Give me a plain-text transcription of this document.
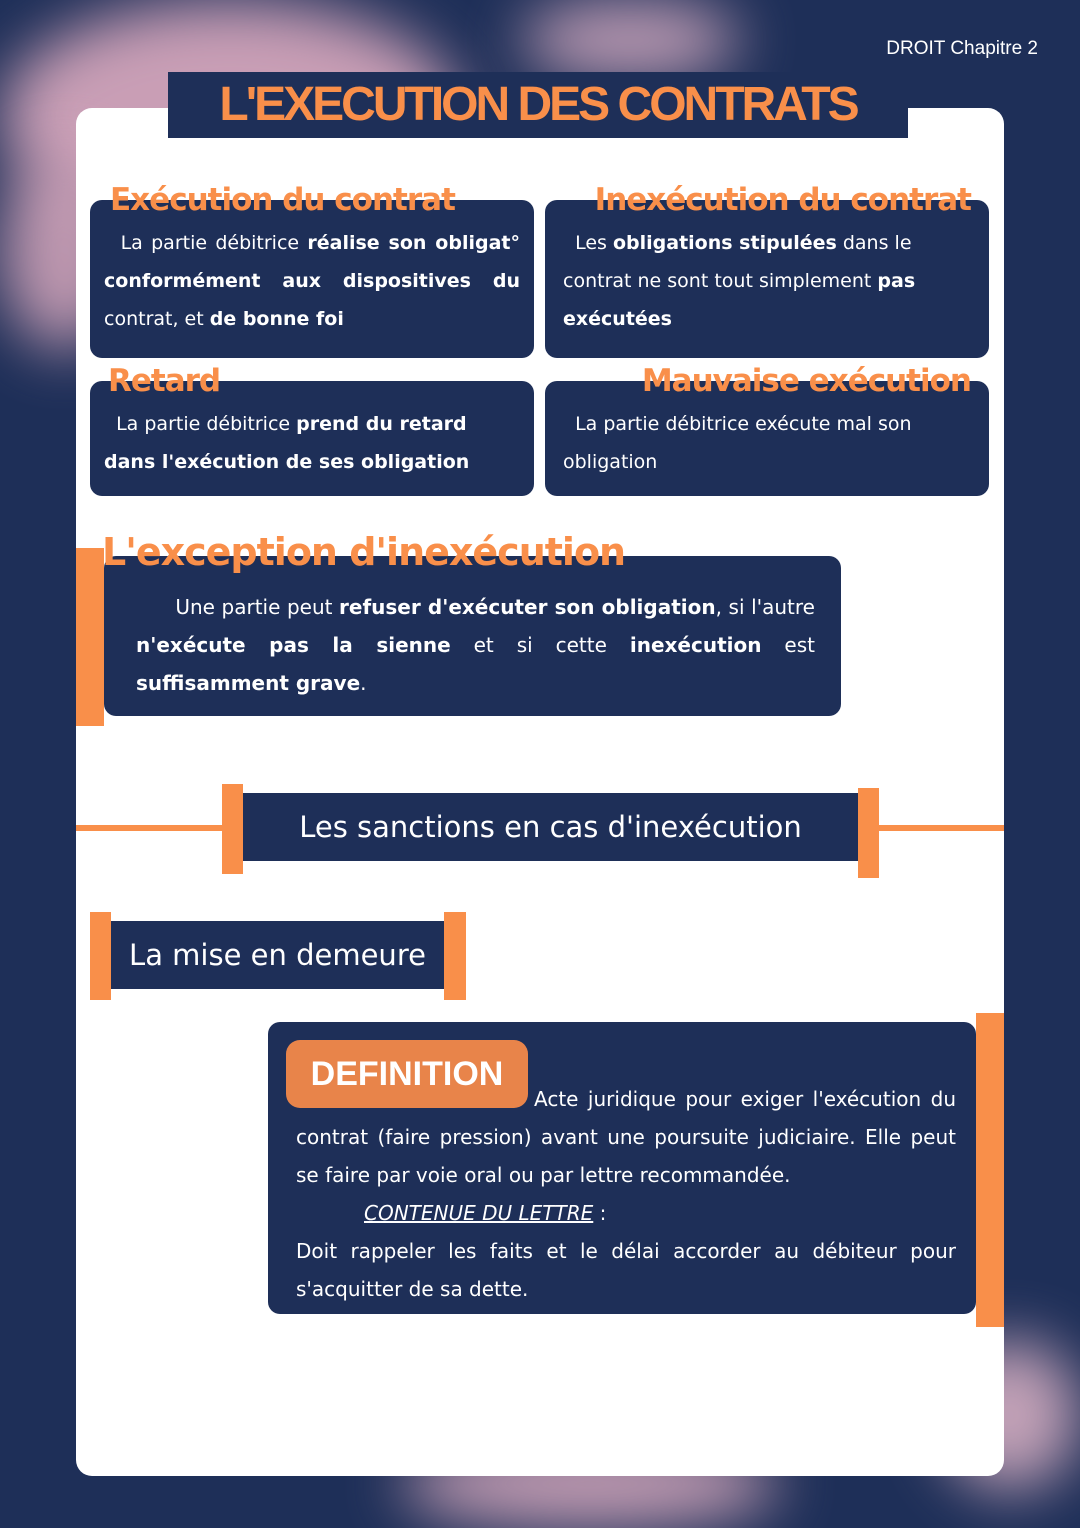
DROIT Chapitre 2
L'EXECUTION DES CONTRATS
Exécution du contrat
La partie débitrice réalise son obligat° conformément aux dispositives du contrat, et de bonne foi
Inexécution du contrat
Les obligations stipulées dans le contrat ne sont tout simplement pas exécutées
Retard
La partie débitrice prend du retard dans l'exécution de ses obligation
Mauvaise exécution
La partie débitrice exécute mal son obligation
L'exception d'inexécution
Une partie peut refuser d'exécuter son obligation, si l'autre n'exécute pas la sienne et si cette inexécution est suffisamment grave.
Les sanctions en cas d'inexécution
La mise en demeure
Acte juridique pour exiger l'exécution du contrat (faire pression) avant une poursuite judiciaire. Elle peut se faire par voie oral ou par lettre recommandée.
CONTENUE DU LETTRE :
Doit rappeler les faits et le délai accorder au débiteur pour s'acquitter de sa dette.
DEFINITION
